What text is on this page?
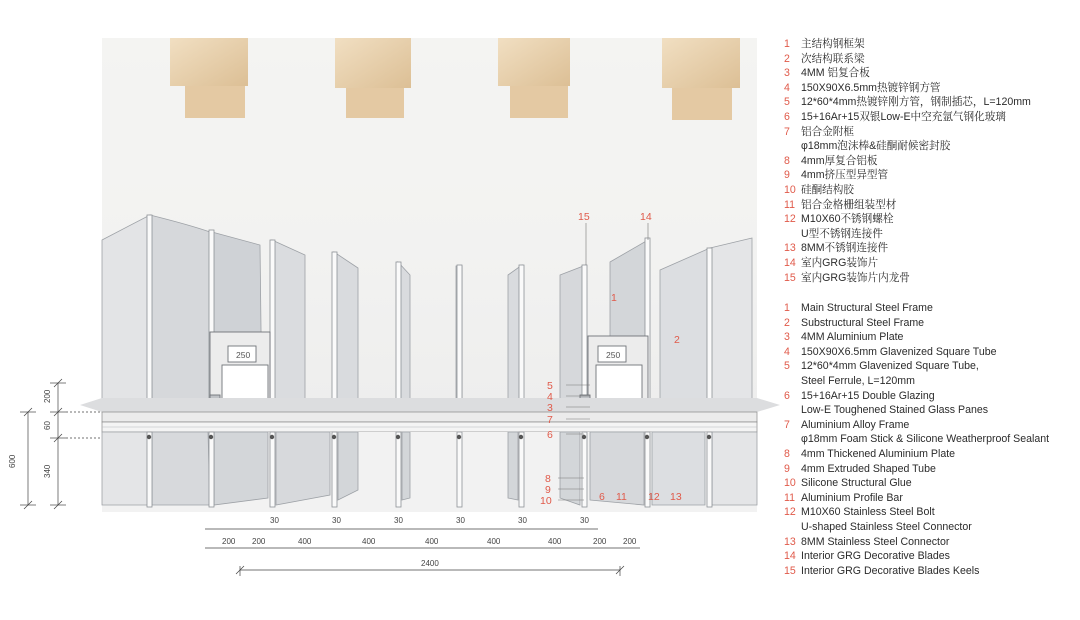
15	14
1
2
5
4
3
7
6
8
9
10	6 11 12 13
250	250
600
200
60
340
30	30	30	30	30	30
200 200	400	400	400	400	400	200 200
2400
1	主结构钢框架
2	次结构联系梁
3	4MM 铝复合板
4	150X90X6.5mm热镀锌钢方管
5	12*60*4mm热镀锌刚方管，钢制插芯，L=120mm
6	15+16Ar+15双银Low-E中空充氩气钢化玻璃
7	铝合金附框
φ18mm泡沫棒&硅酮耐候密封胶
8	4mm厚复合铝板
9	4mm挤压型异型管
10 硅酮结构胶
11 铝合金格栅组装型材
12 M10X60不锈钢螺栓
U型不锈钢连接件
13 8MM不锈钢连接件
14 室内GRG装饰片
15 室内GRG装饰片内龙骨
1	Main Structural Steel Frame
2	Substructural Steel Frame
3	4MM Aluminium Plate
4	150X90X6.5mm Glavenized Square Tube
5	12*60*4mm Glavenized Square Tube,
Steel Ferrule, L=120mm
6	15+16Ar+15 Double Glazing
Low-E Toughened Stained Glass Panes
7	Aluminium Alloy Frame
φ18mm Foam Stick & Silicone Weatherproof Sealant
8	4mm Thickened Aluminium Plate
9	4mm Extruded Shaped Tube
10 Silicone Structural Glue
11 Aluminium Profile Bar
12 M10X60 Stainless Steel Bolt
U-shaped Stainless Steel Connector
13 8MM Stainless Steel Connector
14 Interior GRG Decorative Blades
15 Interior GRG Decorative Blades Keels
